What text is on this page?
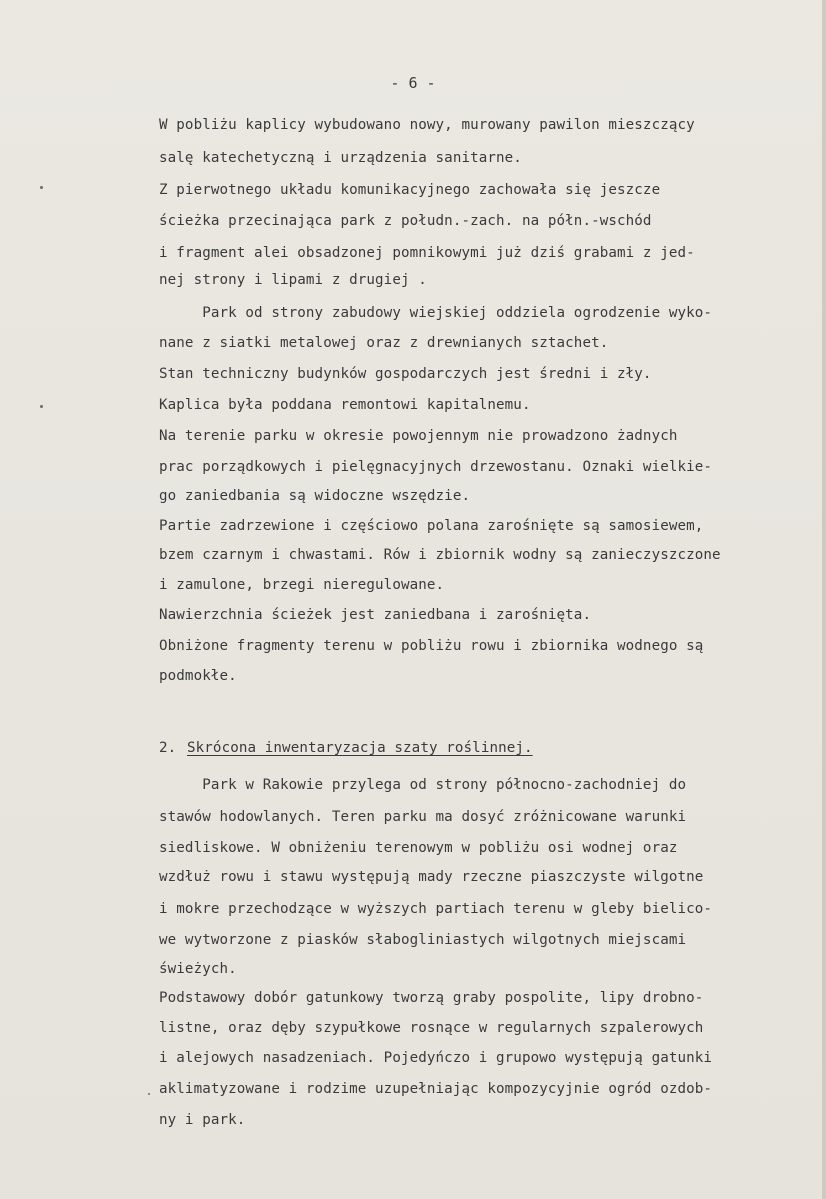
- 6 -
W pobliżu kaplicy wybudowano nowy, murowany pawilon mieszczący
salę katechetyczną i urządzenia sanitarne.
Z pierwotnego układu komunikacyjnego zachowała się jeszcze
ścieżka przecinająca park z połudn.-zach. na półn.-wschód
i fragment alei obsadzonej pomnikowymi już dziś grabami z jed-
nej strony i lipami z drugiej .
Park od strony zabudowy wiejskiej oddziela ogrodzenie wyko-
nane z siatki metalowej oraz z drewnianych sztachet.
Stan techniczny budynków gospodarczych jest średni i zły.
Kaplica była poddana remontowi kapitalnemu.
Na terenie parku w okresie powojennym nie prowadzono żadnych
prac porządkowych i pielęgnacyjnych drzewostanu. Oznaki wielkie-
go zaniedbania są widoczne wszędzie.
Partie zadrzewione i częściowo polana zarośnięte są samosiewem,
bzem czarnym i chwastami. Rów i zbiornik wodny są zanieczyszczone
i zamulone, brzegi nieregulowane.
Nawierzchnia ścieżek jest zaniedbana i zarośnięta.
Obniżone fragmenty terenu w pobliżu rowu i zbiornika wodnego są
podmokłe.
2. Skrócona inwentaryzacja szaty roślinnej.
Park w Rakowie przylega od strony północno-zachodniej do
stawów hodowlanych. Teren parku ma dosyć zróżnicowane warunki
siedliskowe. W obniżeniu terenowym w pobliżu osi wodnej oraz
wzdłuż rowu i stawu występują mady rzeczne piaszczyste wilgotne
i mokre przechodzące w wyższych partiach terenu w gleby bielico-
we wytworzone z piasków słabogliniastych wilgotnych miejscami
świeżych.
Podstawowy dobór gatunkowy tworzą graby pospolite, lipy drobno-
listne, oraz dęby szypułkowe rosnące w regularnych szpalerowych
i alejowych nasadzeniach. Pojedyńczo i grupowo występują gatunki
aklimatyzowane i rodzime uzupełniając kompozycyjnie ogród ozdob-
ny i park.
